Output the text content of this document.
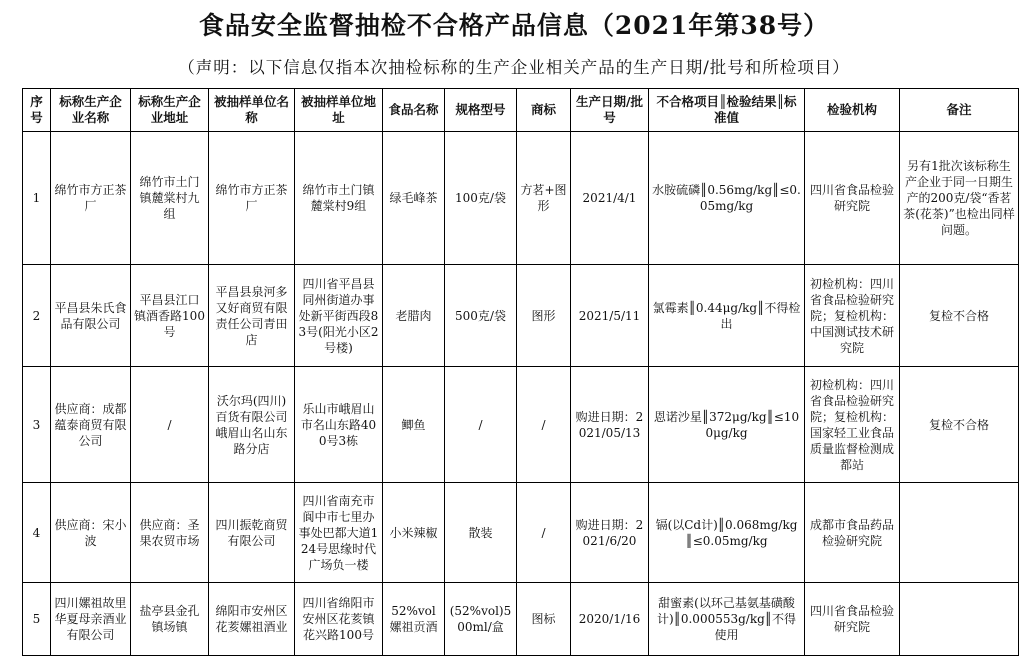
食品安全监督抽检不合格产品信息（2021年第38号）
（声明：以下信息仅指本次抽检标称的生产企业相关产品的生产日期/批号和所检项目）
序号	标称生产企业名称	标称生产企业地址	被抽样单位名称	被抽样单位地址	食品名称	规格型号	商标	生产日期/批号	不合格项目║检验结果║标准值	检验机构	备注
1	绵竹市方正茶厂	绵竹市土门镇麓棠村九组	绵竹市方正茶厂	绵竹市土门镇麓棠村9组	绿毛峰茶	100克/袋	方茗+图形	2021/4/1	水胺硫磷║0.56mg/kg║≤0.05mg/kg	四川省食品检验研究院	另有1批次该标称生产企业于同一日期生产的200克/袋“香茗茶(花茶)”也检出同样问题。
2	平昌县朱氏食品有限公司	平昌县江口镇酒香路100号	平昌县泉河多又好商贸有限责任公司青田店	四川省平昌县同州街道办事处新平街西段83号(阳光小区2号楼)	老腊肉	500克/袋	图形	2021/5/11	氯霉素║0.44μg/kg║不得检出	初检机构：四川省食品检验研究院；复检机构：中国测试技术研究院	复检不合格
3	供应商：成都蕴泰商贸有限公司	/	沃尔玛(四川)百货有限公司峨眉山名山东路分店	乐山市峨眉山市名山东路400号3栋	鲫鱼	/	/	购进日期：2021/05/13	恩诺沙星║372μg/kg║≤100μg/kg	初检机构：四川省食品检验研究院；复检机构：国家轻工业食品质量监督检测成都站	复检不合格
4	供应商：宋小波	供应商：圣果农贸市场	四川振乾商贸有限公司	四川省南充市阆中市七里办事处巴都大道124号思缘时代广场负一楼	小米辣椒	散装	/	购进日期：2021/6/20	镉(以Cd计)║0.068mg/kg║≤0.05mg/kg	成都市食品药品检验研究院	
5	四川嫘祖故里华夏母亲酒业有限公司	盐亭县金孔镇场镇	绵阳市安州区花荄嫘祖酒业	四川省绵阳市安州区花荄镇花兴路100号	52%vol嫘祖贡酒	(52%vol)500ml/盒	图标	2020/1/16	甜蜜素(以环己基氨基磺酸计)║0.000553g/kg║不得使用	四川省食品检验研究院	
